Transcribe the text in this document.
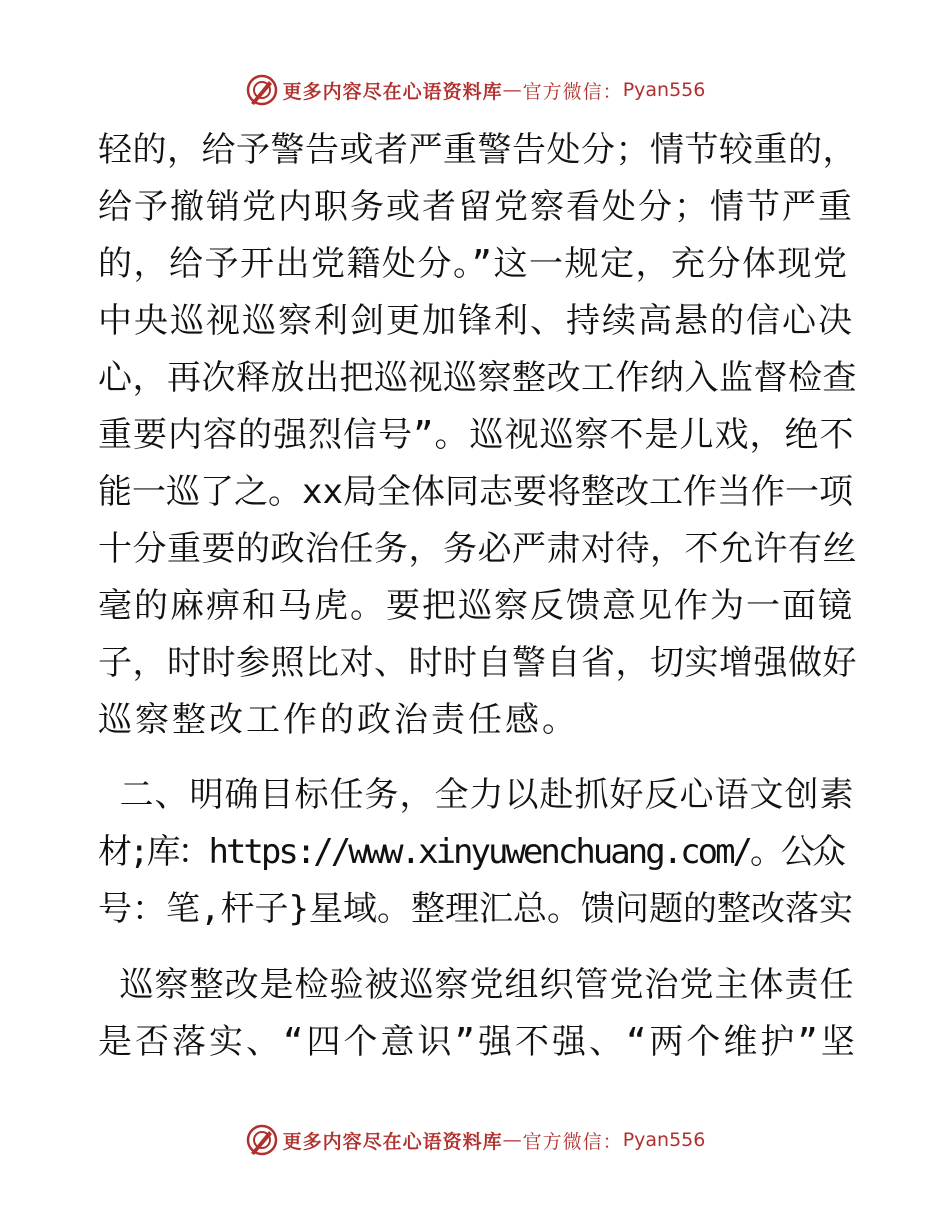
更多内容尽在心语资料库 — 官方微信： Pyan556
轻的，给予警告或者严重警告处分；情节较重的，
给予撤销党内职务或者留党察看处分；情节严重
的，给予开出党籍处分。”这一规定，充分体现党
中央巡视巡察利剑更加锋利、持续高悬的信心决
心，再次释放出把巡视巡察整改工作纳入监督检查
重要内容的强烈信号”。巡视巡察不是儿戏，绝不
能一巡了之。xx局全体同志要将整改工作当作一项
十分重要的政治任务，务必严肃对待，不允许有丝
毫的麻痹和马虎。要把巡察反馈意见作为一面镜
子，时时参照比对、时时自警自省，切实增强做好
巡察整改工作的政治责任感。
二、明确目标任务，全力以赴抓好反心语文创素
材;库：https://www.xinyuwenchuang.com/。公众
号：笔,杆子}星域。整理汇总。馈问题的整改落实
巡察整改是检验被巡察党组织管党治党主体责任
是否落实、“四个意识”强不强、“两个维护”坚
更多内容尽在心语资料库 — 官方微信： Pyan556
